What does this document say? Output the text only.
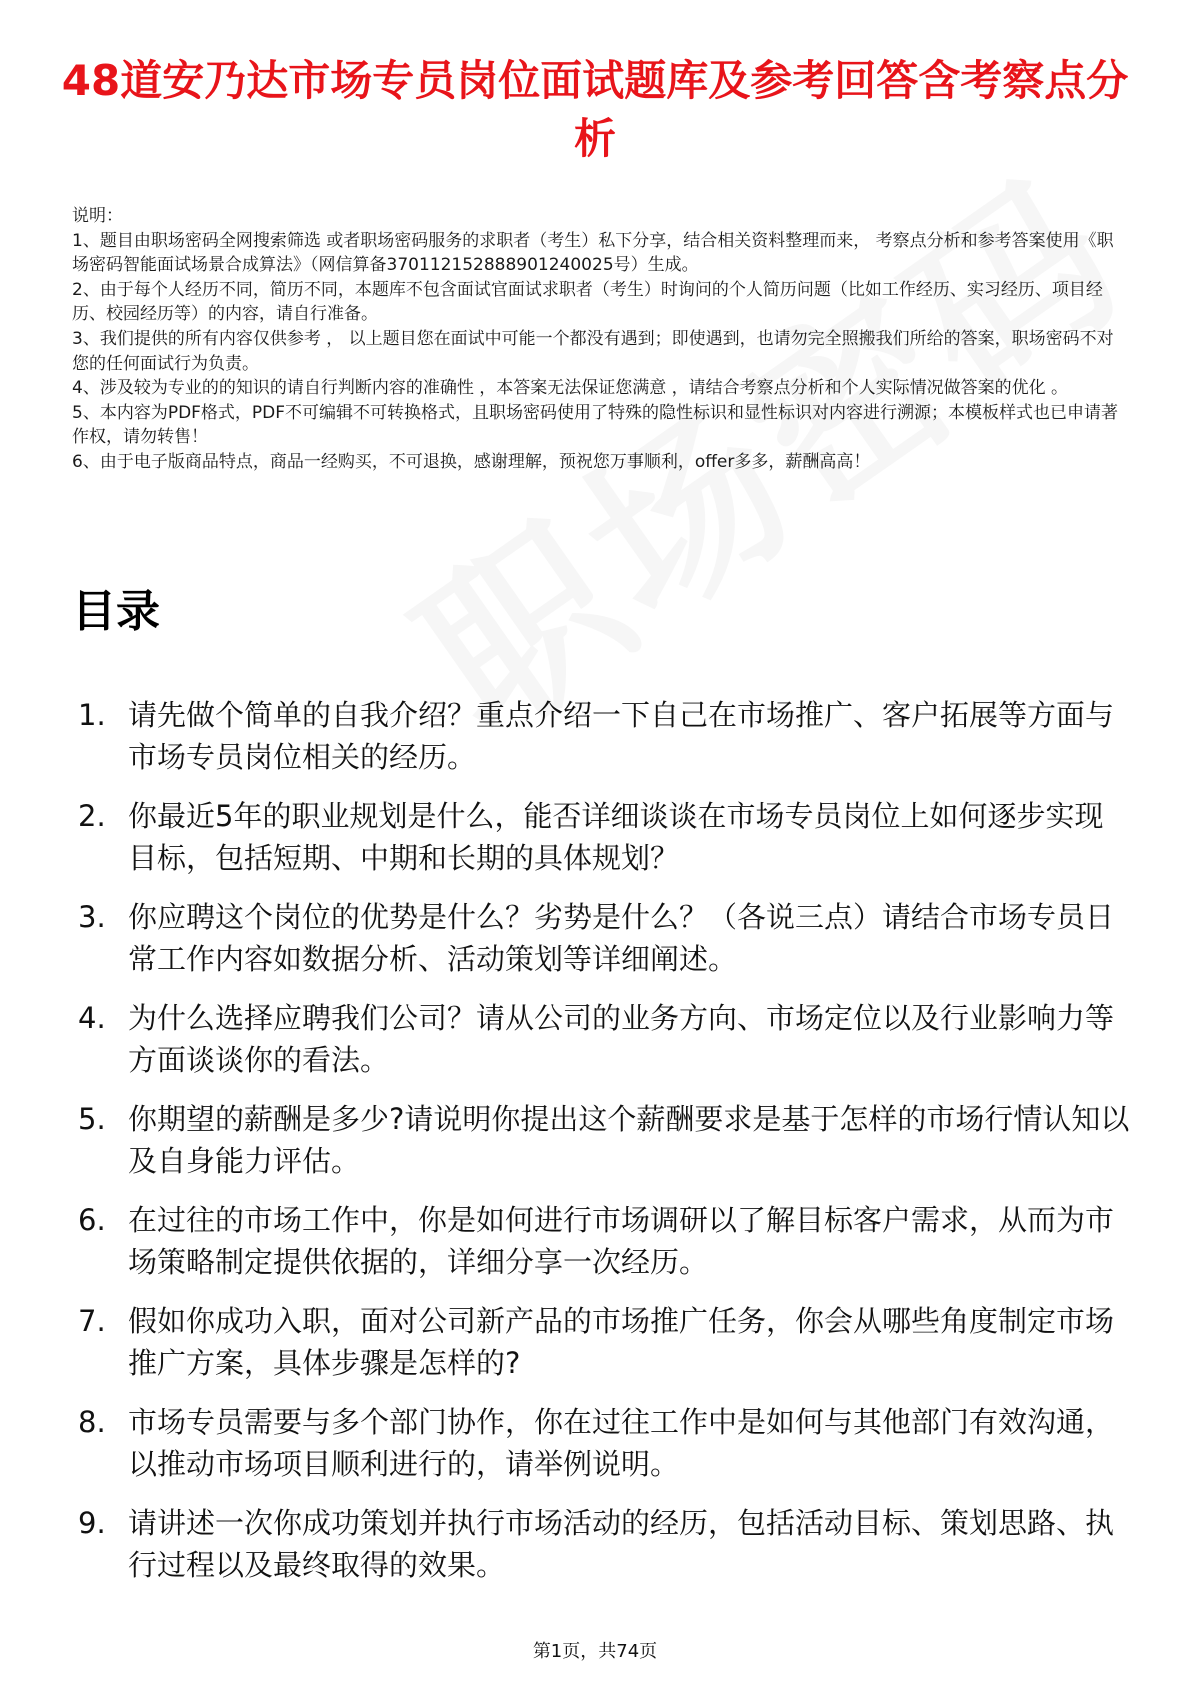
48道安乃达市场专员岗位面试题库及参考回答含考察点分析

说明：

1、题目由职场密码全网搜索筛选 或者职场密码服务的求职者（考生）私下分享，结合相关资料整理而来， 考察点分析和参考答案使用《职场密码智能面试场景合成算法》（网信算备370112152888901240025号）生成。

2、由于每个人经历不同，简历不同，本题库不包含面试官面试求职者（考生）时询问的个人简历问题（比如工作经历、实习经历、项目经历、校园经历等）的内容，请自行准备。

3、我们提供的所有内容仅供参考 ， 以上题目您在面试中可能一个都没有遇到；即使遇到，也请勿完全照搬我们所给的答案，职场密码不对您的任何面试行为负责。

4、涉及较为专业的的知识的请自行判断内容的准确性 ，本答案无法保证您满意 ，请结合考察点分析和个人实际情况做答案的优化 。

5、本内容为PDF格式，PDF不可编辑不可转换格式，且职场密码使用了特殊的隐性标识和显性标识对内容进行溯源；本模板样式也已申请著作权，请勿转售！

6、由于电子版商品特点，商品一经购买，不可退换，感谢理解，预祝您万事顺利，offer多多，薪酬高高！

目录
1. 请先做个简单的自我介绍？重点介绍一下自己在市场推广、客户拓展等方面与市场专员岗位相关的经历。
2. 你最近5年的职业规划是什么，能否详细谈谈在市场专员岗位上如何逐步实现目标，包括短期、中期和长期的具体规划？
3. 你应聘这个岗位的优势是什么？劣势是什么？（各说三点）请结合市场专员日常工作内容如数据分析、活动策划等详细阐述。
4. 为什么选择应聘我们公司？请从公司的业务方向、市场定位以及行业影响力等方面谈谈你的看法。
5. 你期望的薪酬是多少?请说明你提出这个薪酬要求是基于怎样的市场行情认知以及自身能力评估。
6. 在过往的市场工作中，你是如何进行市场调研以了解目标客户需求，从而为市场策略制定提供依据的，详细分享一次经历。
7. 假如你成功入职，面对公司新产品的市场推广任务，你会从哪些角度制定市场推广方案，具体步骤是怎样的?
8. 市场专员需要与多个部门协作，你在过往工作中是如何与其他部门有效沟通，以推动市场项目顺利进行的，请举例说明。
9. 请讲述一次你成功策划并执行市场活动的经历，包括活动目标、策划思路、执行过程以及最终取得的效果。
第1页，共74页
